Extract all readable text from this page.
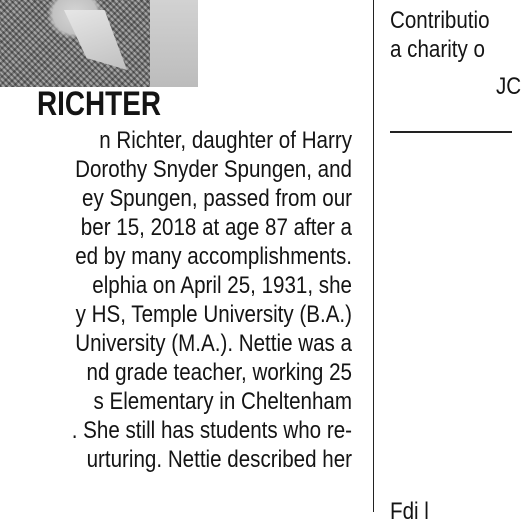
RICHTER
n Richter, daughter of Harry
Dorothy Snyder Spungen, and
ey Spungen, passed from our
ber 15, 2018 at age 87 after a
ed by many accomplishments.
elphia on April 25, 1931, she
y HS, Temple University (B.A.)
University (M.A.). Nettie was a
nd grade teacher, working 25
s Elementary in Cheltenham
. She still has students who re-
urturing. Nettie described her
Contributio
a charity o
JC
Fdi l
